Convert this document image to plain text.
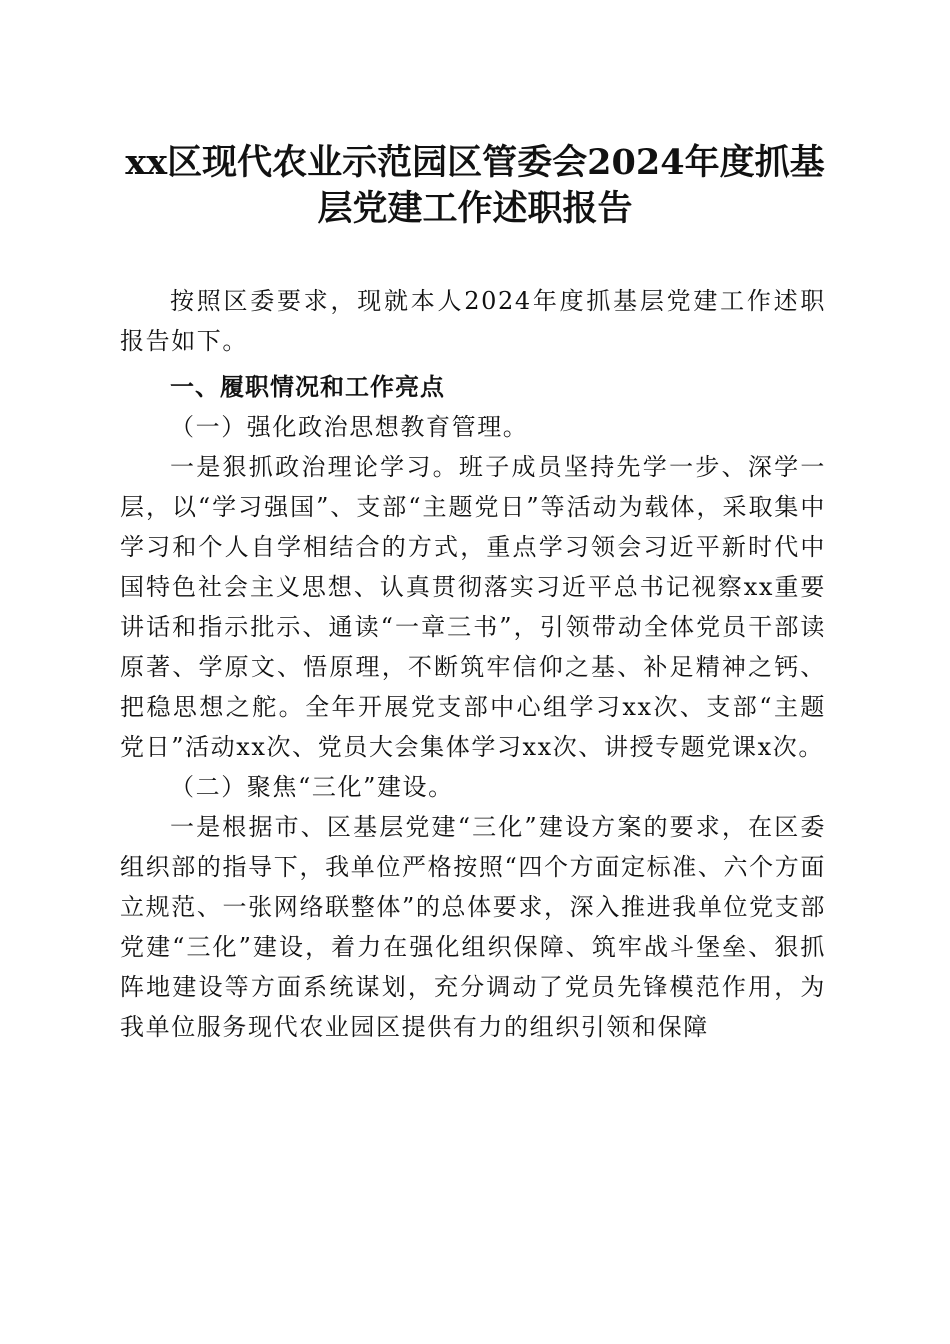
xx区现代农业示范园区管委会2024年度抓基
层党建工作述职报告

按照区委要求，现就本人2024年度抓基层党建工作述职报告如下。

一、履职情况和工作亮点
（一）强化政治思想教育管理。

一是狠抓政治理论学习。班子成员坚持先学一步、深学一层，以“学习强国”、支部“主题党日”等活动为载体，采取集中学习和个人自学相结合的方式，重点学习领会习近平新时代中国特色社会主义思想、认真贯彻落实习近平总书记视察xx重要讲话和指示批示、通读“一章三书”，引领带动全体党员干部读原著、学原文、悟原理，不断筑牢信仰之基、补足精神之钙、把稳思想之舵。全年开展党支部中心组学习xx次、支部“主题党日”活动xx次、党员大会集体学习xx次、讲授专题党课x次。

（二）聚焦“三化”建设。

一是根据市、区基层党建“三化”建设方案的要求，在区委组织部的指导下，我单位严格按照“四个方面定标准、六个方面立规范、一张网络联整体”的总体要求，深入推进我单位党支部党建“三化”建设，着力在强化组织保障、筑牢战斗堡垒、狠抓阵地建设等方面系统谋划，充分调动了党员先锋模范作用，为我单位服务现代农业园区提供有力的组织引领和保障
